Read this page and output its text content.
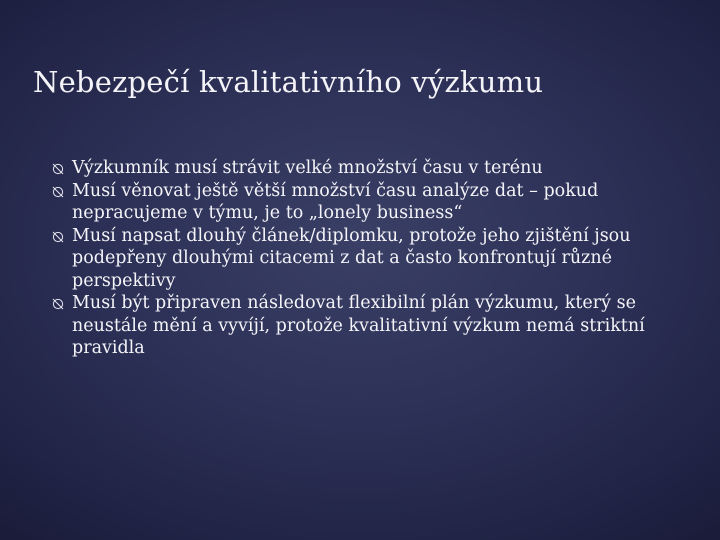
Nebezpečí kvalitativního výzkumu
Výzkumník musí strávit velké množství času v terénu
Musí věnovat ještě větší množství času analýze dat – pokud nepracujeme v týmu, je to „lonely business“
Musí napsat dlouhý článek/diplomku, protože jeho zjištění jsou podepřeny dlouhými citacemi z dat a často konfrontují různé perspektivy
Musí být připraven následovat flexibilní plán výzkumu, který se neustále mění a vyvíjí, protože kvalitativní výzkum nemá striktní pravidla
